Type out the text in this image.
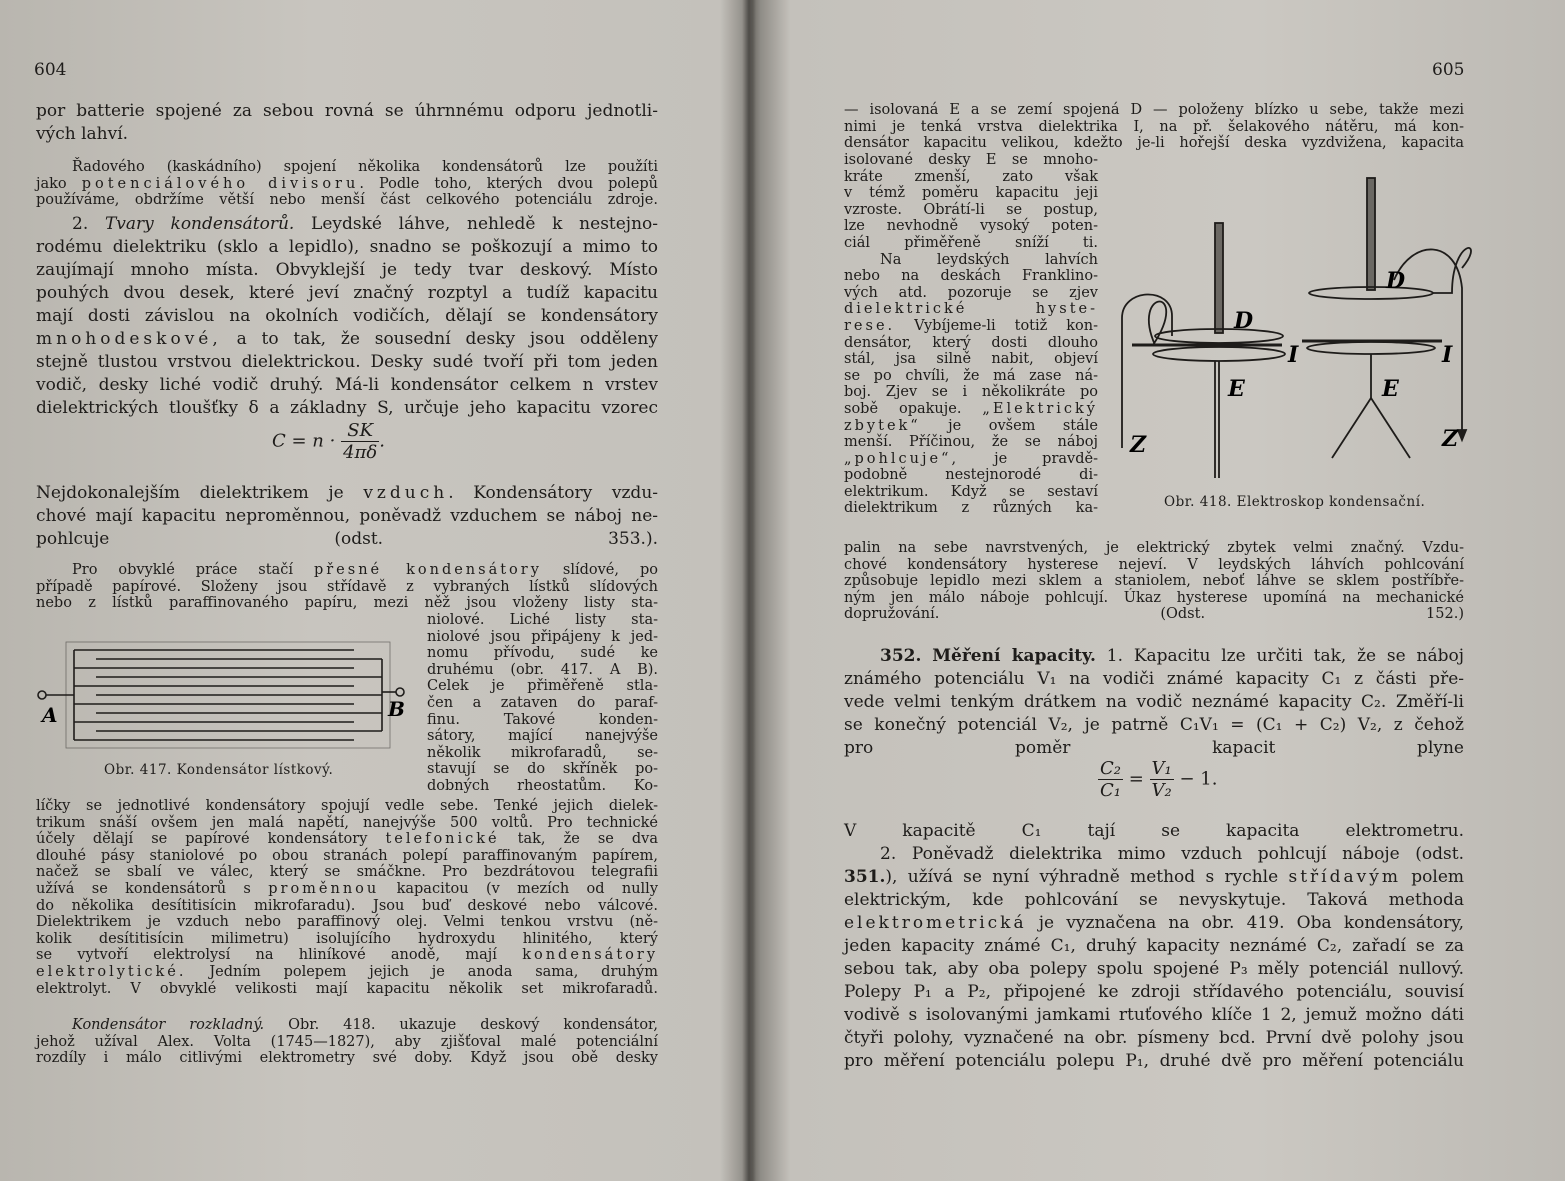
604

por batterie spojené za sebou rovná se úhrnnému odporu jednotli-

vých lahví.

Řadového (kaskádního) spojení několika kondensátorů lze použíti

jako potenciálového divisoru. Podle toho, kterých dvou polepů

používáme, obdržíme větší nebo menší část celkového potenciálu zdroje.

2. Tvary kondensátorů. Leydské láhve, nehledě k nestejno-

rodému dielektriku (sklo a lepidlo), snadno se poškozují a mimo to

zaujímají mnoho místa. Obvyklejší je tedy tvar deskový. Místo

pouhých dvou desek, které jeví značný rozptyl a tudíž kapacitu

mají dosti závislou na okolních vodičích, dělají se kondensátory

mnohodeskové, a to tak, že sousední desky jsou odděleny

stejně tlustou vrstvou dielektrickou. Desky sudé tvoří při tom jeden

vodič, desky liché vodič druhý. Má-li kondensátor celkem n vrstev

dielektrických tloušťky δ a základny S, určuje jeho kapacitu vzorec

$C = n \cdot \frac{SK}{4\pi\delta}$ .

Nejdokonalejším dielektrikem je vzduch. Kondensátory vzdu-

chové mají kapacitu neproměnnou, poněvadž vzduchem se náboj ne-

pohlcuje (odst. 353.).

Pro obvyklé práce stačí přesné kondensátory slídové, po

případě papírové. Složeny jsou střídavě z vybraných lístků slídových

nebo z lístků paraffinovaného papíru, mezi něž jsou vloženy listy sta-

niolové. Liché listy sta-

niolové jsou připájeny k jed-

nomu přívodu, sudé ke

druhému (obr. 417. A B).

Celek je přiměřeně stla-

čen a zataven do paraf-

finu. Takové konden-

sátory, mající nanejvýše

několik mikrofaradů, se-

stavují se do skříněk po-

dobných rheostatům. Ko-

A	B
Obr. 417. Kondensátor lístkový.

líčky se jednotlivé kondensátory spojují vedle sebe. Tenké jejich dielek-

trikum snáší ovšem jen malá napětí, nanejvýše 500 voltů. Pro technické

účely dělají se papírové kondensátory telefonické tak, že se dva

dlouhé pásy staniolové po obou stranách polepí paraffinovaným papírem,

načež se sbalí ve válec, který se smáčkne. Pro bezdrátovou telegrafii

užívá se kondensátorů s proměnnou kapacitou (v mezích od nully

do několika desítitisícin mikrofaradu). Jsou buď deskové nebo válcové.

Dielektrikem je vzduch nebo paraffinový olej. Velmi tenkou vrstvu (ně-

kolik desítitisícin milimetru) isolujícího hydroxydu hlinitého, který

se vytvoří elektrolysí na hliníkové anodě, mají kondensátory

elektrolytické. Jedním polepem jejich je anoda sama, druhým

elektrolyt. V obvyklé velikosti mají kapacitu několik set mikrofaradů.

Kondensátor rozkladný. Obr. 418. ukazuje deskový kondensátor,

jehož užíval Alex. Volta (1745—1827), aby zjišťoval malé potenciální

rozdíly i málo citlivými elektrometry své doby. Když jsou obě desky

605

— isolovaná E a se zemí spojená D — položeny blízko u sebe, takže mezi

nimi je tenká vrstva dielektrika I, na př. šelakového nátěru, má kon-

densátor kapacitu velikou, kdežto je-li hořejší deska vyzdvižena, kapacita

isolované desky E se mnoho-

kráte zmenší, zato však

v témž poměru kapacitu jeji

vzroste. Obrátí-li se postup,

lze nevhodně vysoký poten-

ciál přiměřeně sníží ti.

Na leydských lahvích

nebo na deskách Franklino-

vých atd. pozoruje se zjev

dielektrické hyste-

rese. Vybíjeme-li totiž kon-

densátor, který dosti dlouho

stál, jsa silně nabit, objeví

se po chvíli, že má zase ná-

boj. Zjev se i několikráte po

sobě opakuje. „Elektrický

zbytek“ je ovšem stále

menší. Příčinou, že se náboj

„pohlcuje“, je pravdě-

podobně nestejnorodé di-

elektrikum. Když se sestaví

dielektrikum z různých ka-

D
D
I	I
E	E
Z	Z
Obr. 418. Elektroskop kondensační.

palin na sebe navrstvených, je elektrický zbytek velmi značný. Vzdu-

chové kondensátory hysterese nejeví. V leydských láhvích pohlcování

způsobuje lepidlo mezi sklem a staniolem, neboť láhve se sklem postříbře-

ným jen málo náboje pohlcují. Úkaz hysterese upomíná na mechanické

dopružování. (Odst. 152.)

352. Měření kapacity. 1. Kapacitu lze určiti tak, že se náboj

známého potenciálu V₁ na vodiči známé kapacity C₁ z části pře-

vede velmi tenkým drátkem na vodič neznámé kapacity C₂. Změří-li

se konečný potenciál V₂, je patrně C₁V₁ = (C₁ + C₂) V₂, z čehož

pro poměr kapacit plyne

$\frac{\text{C₂}}{\text{C₁}} = \frac{\text{V₁}}{\text{V₂}} - 1$.

V kapacitě C₁ tají se kapacita elektrometru.

2. Poněvadž dielektrika mimo vzduch pohlcují náboje (odst.

351.), užívá se nyní výhradně method s rychle střídavým polem

elektrickým, kde pohlcování se nevyskytuje. Taková methoda

elektrometrická je vyznačena na obr. 419. Oba kondensátory,

jeden kapacity známé C₁, druhý kapacity neznámé C₂, zařadí se za

sebou tak, aby oba polepy spolu spojené P₃ měly potenciál nullový.

Polepy P₁ a P₂, připojené ke zdroji střídavého potenciálu, souvisí

vodivě s isolovanými jamkami rtuťového klíče 1 2, jemuž možno dáti

čtyři polohy, vyznačené na obr. písmeny bcd. První dvě polohy jsou

pro měření potenciálu polepu P₁, druhé dvě pro měření potenciálu
